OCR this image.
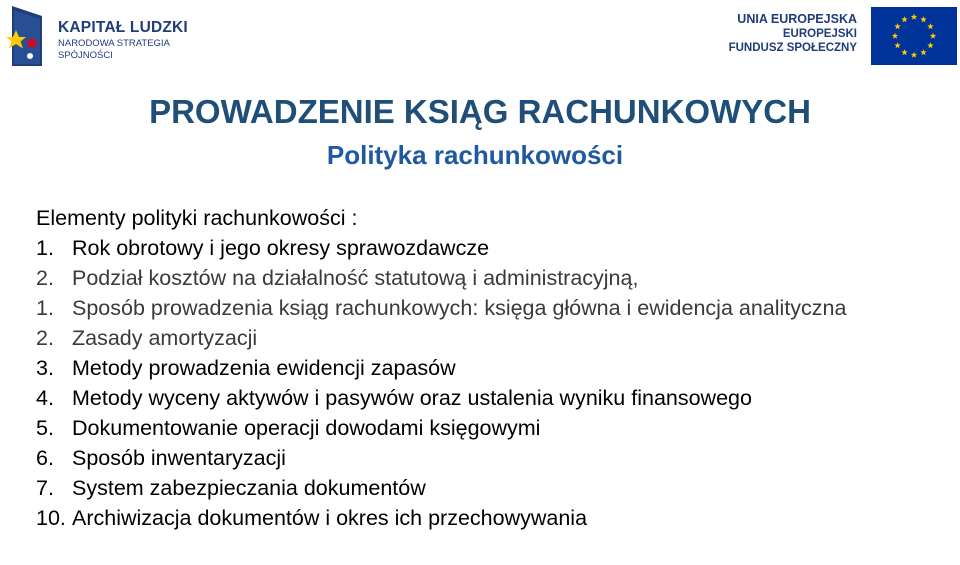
KAPITAŁ LUDZKI
NARODOWA STRATEGIA SPÓJNOŚCI
UNIA EUROPEJSKA
EUROPEJSKI
FUNDUSZ SPOŁECZNY
PROWADZENIE KSIĄG RACHUNKOWYCH
Polityka rachunkowości
Elementy polityki rachunkowości :
1. Rok obrotowy i jego okresy sprawozdawcze
2. Podział kosztów na działalność statutową i administracyjną,
1. Sposób prowadzenia ksiąg rachunkowych: księga główna i ewidencja analityczna
2. Zasady amortyzacji
3. Metody prowadzenia ewidencji zapasów
4. Metody wyceny aktywów i pasywów oraz ustalenia wyniku finansowego
5. Dokumentowanie operacji dowodami księgowymi
6. Sposób inwentaryzacji
7. System zabezpieczania dokumentów
10. Archiwizacja dokumentów i okres ich przechowywania
